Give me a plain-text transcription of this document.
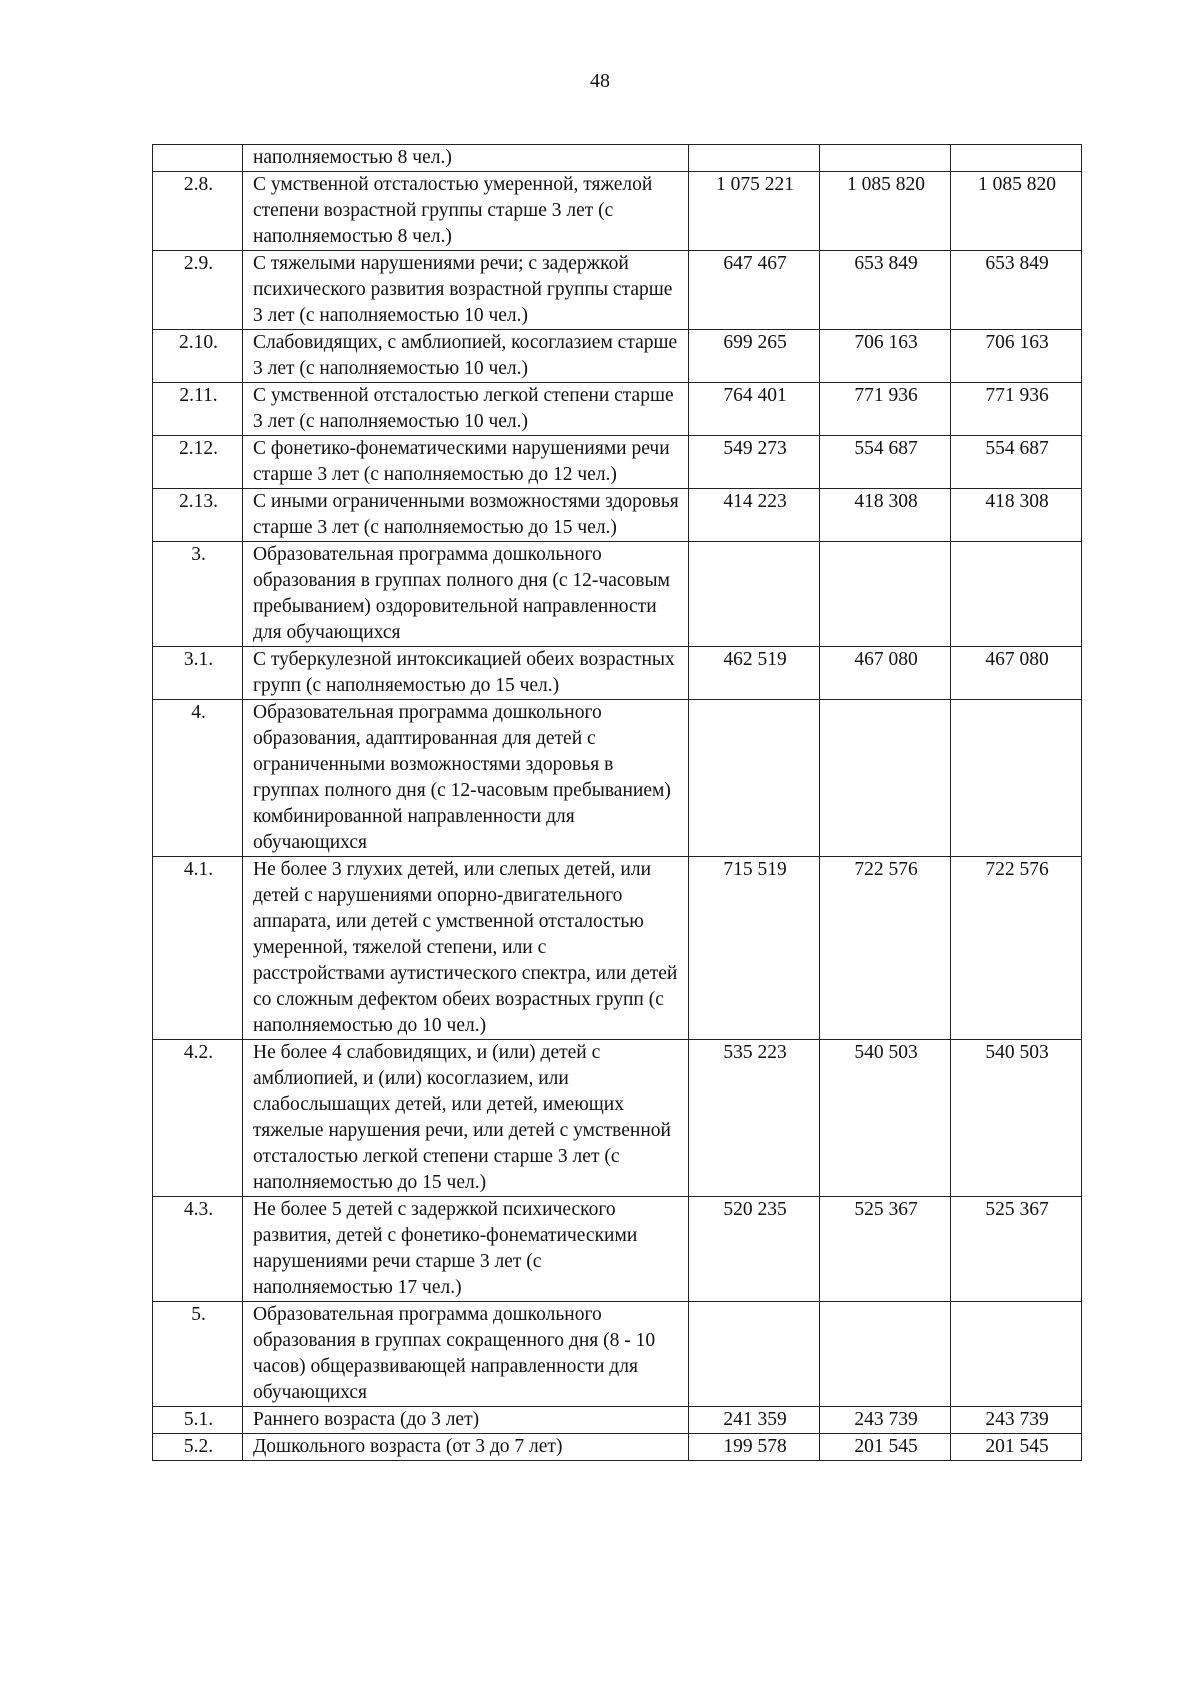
48
	наполняемостью 8 чел.)			
2.8.	С умственной отсталостью умеренной, тяжелой степени возрастной группы старше 3 лет (с наполняемостью 8 чел.)	1 075 221	1 085 820	1 085 820
2.9.	С тяжелыми нарушениями речи; с задержкой психического развития возрастной группы старше 3 лет (с наполняемостью 10 чел.)	647 467	653 849	653 849
2.10.	Слабовидящих, с амблиопией, косоглазием старше 3 лет (с наполняемостью 10 чел.)	699 265	706 163	706 163
2.11.	С умственной отсталостью легкой степени старше 3 лет (с наполняемостью 10 чел.)	764 401	771 936	771 936
2.12.	С фонетико-фонематическими нарушениями речи старше 3 лет (с наполняемостью до 12 чел.)	549 273	554 687	554 687
2.13.	С иными ограниченными возможностями здоровья старше 3 лет (с наполняемостью до 15 чел.)	414 223	418 308	418 308
3.	Образовательная программа дошкольного образования в группах полного дня (с 12-часовым пребыванием) оздоровительной направленности для обучающихся			
3.1.	С туберкулезной интоксикацией обеих возрастных групп (с наполняемостью до 15 чел.)	462 519	467 080	467 080
4.	Образовательная программа дошкольного образования, адаптированная для детей с ограниченными возможностями здоровья в группах полного дня (с 12-часовым пребыванием) комбинированной направленности для обучающихся			
4.1.	Не более 3 глухих детей, или слепых детей, или детей с нарушениями опорно-двигательного аппарата, или детей с умственной отсталостью умеренной, тяжелой степени, или с расстройствами аутистического спектра, или детей со сложным дефектом обеих возрастных групп (с наполняемостью до 10 чел.)	715 519	722 576	722 576
4.2.	Не более 4 слабовидящих, и (или) детей с амблиопией, и (или) косоглазием, или слабослышащих детей, или детей, имеющих тяжелые нарушения речи, или детей с умственной отсталостью легкой степени старше 3 лет (с наполняемостью до 15 чел.)	535 223	540 503	540 503
4.3.	Не более 5 детей с задержкой психического развития, детей с фонетико-фонематическими нарушениями речи старше 3 лет (с наполняемостью 17 чел.)	520 235	525 367	525 367
5.	Образовательная программа дошкольного образования в группах сокращенного дня (8 - 10 часов) общеразвивающей направленности для обучающихся			
5.1.	Раннего возраста (до 3 лет)	241 359	243 739	243 739
5.2.	Дошкольного возраста (от 3 до 7 лет)	199 578	201 545	201 545
